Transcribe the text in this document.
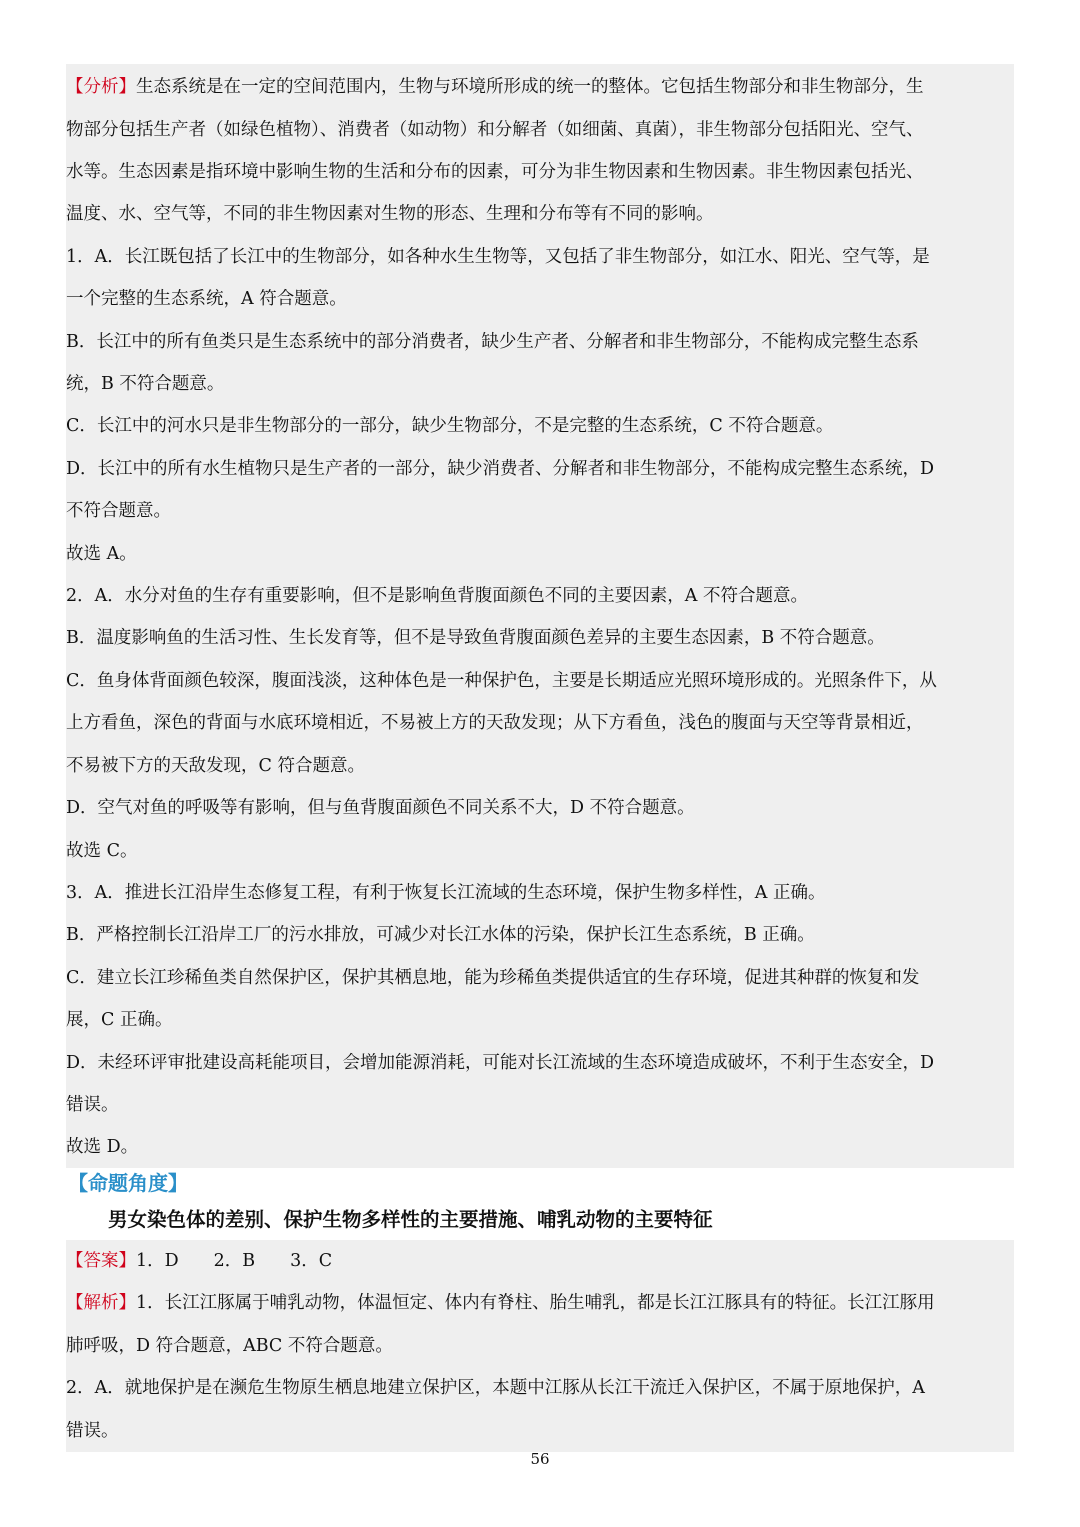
【分析】生态系统是在一定的空间范围内，生物与环境所形成的统一的整体。它包括生物部分和非生物部分，生
物部分包括生产者（如绿色植物）、消费者（如动物）和分解者（如细菌、真菌），非生物部分包括阳光、空气、
水等。生态因素是指环境中影响生物的生活和分布的因素，可分为非生物因素和生物因素。非生物因素包括光、
温度、水、空气等，不同的非生物因素对生物的形态、生理和分布等有不同的影响。
1．A．长江既包括了长江中的生物部分，如各种水生生物等，又包括了非生物部分，如江水、阳光、空气等，是
一个完整的生态系统，A 符合题意。
B．长江中的所有鱼类只是生态系统中的部分消费者，缺少生产者、分解者和非生物部分，不能构成完整生态系
统，B 不符合题意。
C．长江中的河水只是非生物部分的一部分，缺少生物部分，不是完整的生态系统，C 不符合题意。
D．长江中的所有水生植物只是生产者的一部分，缺少消费者、分解者和非生物部分，不能构成完整生态系统，D
不符合题意。
故选 A。
2．A．水分对鱼的生存有重要影响，但不是影响鱼背腹面颜色不同的主要因素，A 不符合题意。
B．温度影响鱼的生活习性、生长发育等，但不是导致鱼背腹面颜色差异的主要生态因素，B 不符合题意。
C．鱼身体背面颜色较深，腹面浅淡，这种体色是一种保护色，主要是长期适应光照环境形成的。光照条件下，从
上方看鱼，深色的背面与水底环境相近，不易被上方的天敌发现；从下方看鱼，浅色的腹面与天空等背景相近，
不易被下方的天敌发现，C 符合题意。
D．空气对鱼的呼吸等有影响，但与鱼背腹面颜色不同关系不大，D 不符合题意。
故选 C。
3．A．推进长江沿岸生态修复工程，有利于恢复长江流域的生态环境，保护生物多样性，A 正确。
B．严格控制长江沿岸工厂的污水排放，可减少对长江水体的污染，保护长江生态系统，B 正确。
C．建立长江珍稀鱼类自然保护区，保护其栖息地，能为珍稀鱼类提供适宜的生存环境，促进其种群的恢复和发
展，C 正确。
D．未经环评审批建设高耗能项目，会增加能源消耗，可能对长江流域的生态环境造成破坏，不利于生态安全，D
错误。
故选 D。
【命题角度】
男女染色体的差别、保护生物多样性的主要措施、哺乳动物的主要特征
【答案】1．D　　2．B　　3．C
【解析】1．长江江豚属于哺乳动物，体温恒定、体内有脊柱、胎生哺乳，都是长江江豚具有的特征。长江江豚用
肺呼吸，D 符合题意，ABC 不符合题意。
2．A．就地保护是在濒危生物原生栖息地建立保护区，本题中江豚从长江干流迁入保护区，不属于原地保护，A
错误。
56
